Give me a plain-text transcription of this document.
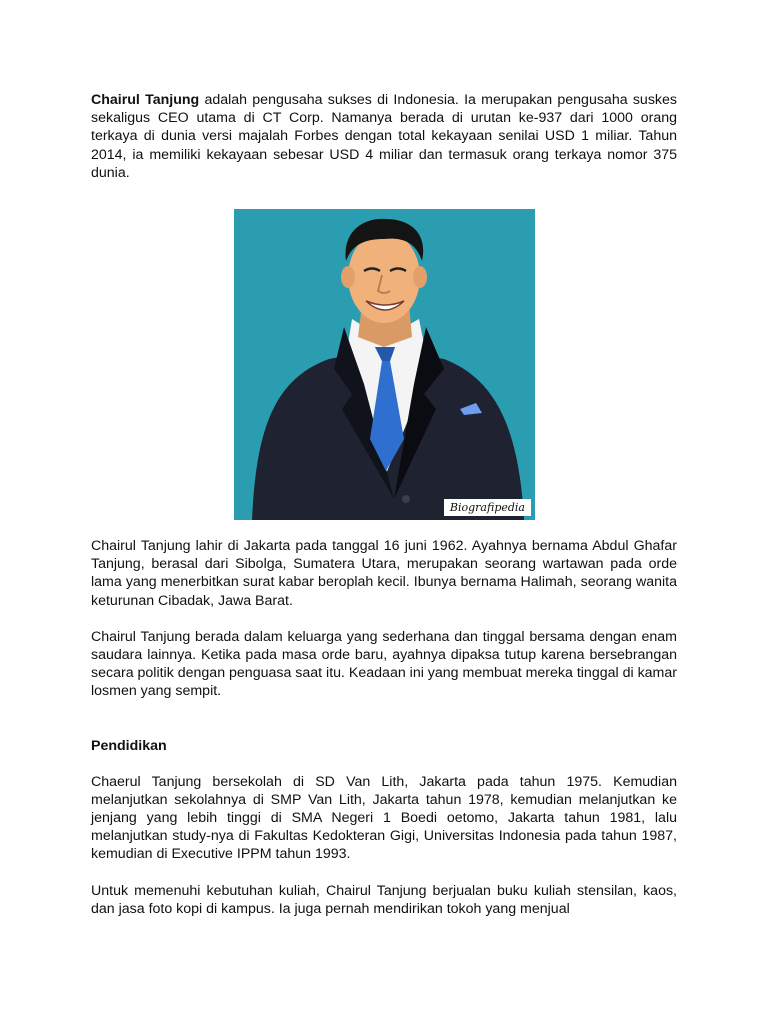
Chairul Tanjung adalah pengusaha sukses di Indonesia. Ia merupakan pengusaha suskes sekaligus CEO utama di CT Corp. Namanya berada di urutan ke-937 dari 1000 orang terkaya di dunia versi majalah Forbes dengan total kekayaan senilai USD 1 miliar. Tahun 2014, ia memiliki kekayaan sebesar USD 4 miliar dan termasuk orang terkaya nomor 375 dunia.

Biografipedia

Chairul Tanjung lahir di Jakarta pada tanggal 16 juni 1962. Ayahnya bernama Abdul Ghafar Tanjung, berasal dari Sibolga, Sumatera Utara, merupakan seorang wartawan pada orde lama yang menerbitkan surat kabar beroplah kecil. Ibunya bernama Halimah, seorang wanita keturunan Cibadak, Jawa Barat.

Chairul Tanjung berada dalam keluarga yang sederhana dan tinggal bersama dengan enam saudara lainnya. Ketika pada masa orde baru, ayahnya dipaksa tutup karena bersebrangan secara politik dengan penguasa saat itu. Keadaan ini yang membuat mereka tinggal di kamar losmen yang sempit.

Pendidikan

Chaerul Tanjung bersekolah di SD Van Lith, Jakarta pada tahun 1975. Kemudian melanjutkan sekolahnya di SMP Van Lith, Jakarta tahun 1978, kemudian melanjutkan ke jenjang yang lebih tinggi di SMA Negeri 1 Boedi oetomo, Jakarta tahun 1981, lalu melanjutkan study-nya di Fakultas Kedokteran Gigi, Universitas Indonesia pada tahun 1987, kemudian di Executive IPPM tahun 1993.

Untuk memenuhi kebutuhan kuliah, Chairul Tanjung berjualan buku kuliah stensilan, kaos, dan jasa foto kopi di kampus. Ia juga pernah mendirikan tokoh yang menjual
